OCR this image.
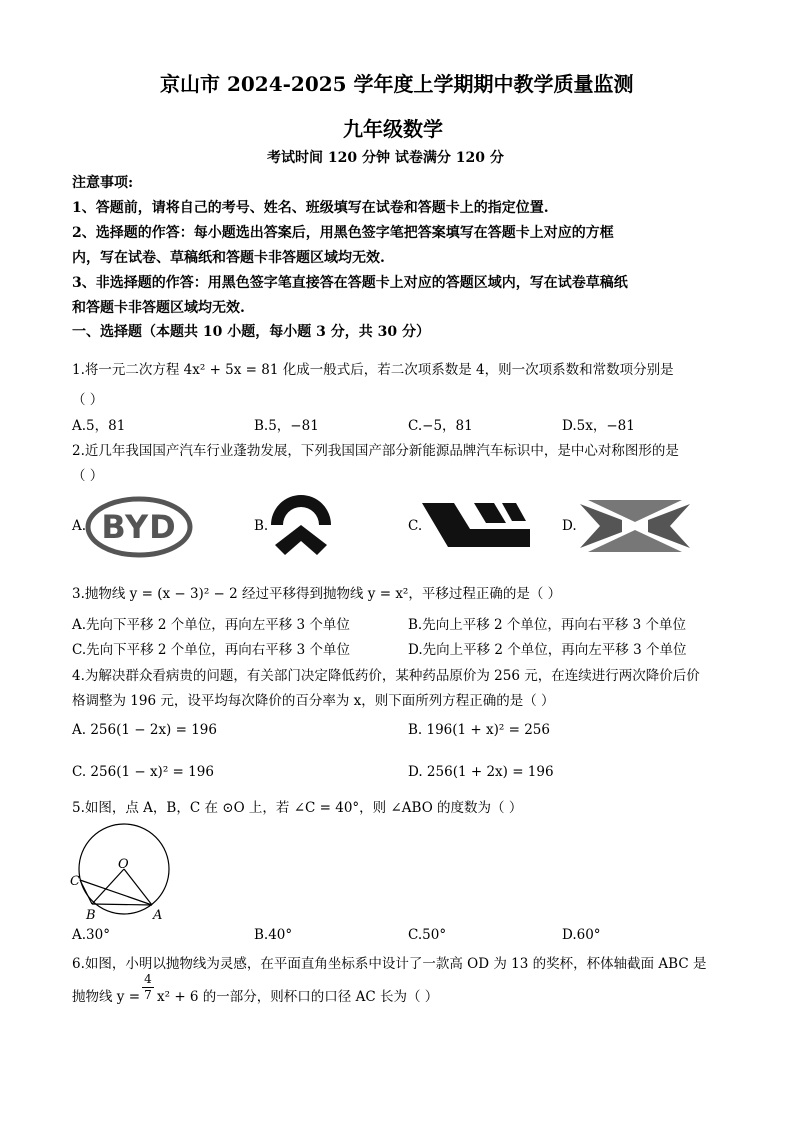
京山市 2024-2025 学年度上学期期中教学质量监测
九年级数学
考试时间 120 分钟 试卷满分 120 分
注意事项:
1、答题前，请将自己的考号、姓名、班级填写在试卷和答题卡上的指定位置.
2、选择题的作答：每小题选出答案后，用黑色签字笔把答案填写在答题卡上对应的方框
内，写在试卷、草稿纸和答题卡非答题区域均无效.
3、非选择题的作答：用黑色签字笔直接答在答题卡上对应的答题区域内，写在试卷草稿纸
和答题卡非答题区域均无效.
一、选择题（本题共 10 小题，每小题 3 分，共 30 分）
1.将一元二次方程 4x² + 5x = 81 化成一般式后，若二次项系数是 4，则一次项系数和常数项分别是
（ ）
A.5，81	B.5，−81	C.−5，81	D.5x，−81
2.近几年我国国产汽车行业蓬勃发展，下列我国国产部分新能源品牌汽车标识中，是中心对称图形的是
（ ）
A. BYD	B.	C.	D.
3.抛物线 y = (x − 3)² − 2 经过平移得到抛物线 y = x²，平移过程正确的是（ ）
A.先向下平移 2 个单位，再向左平移 3 个单位	B.先向上平移 2 个单位，再向右平移 3 个单位
C.先向下平移 2 个单位，再向右平移 3 个单位	D.先向上平移 2 个单位，再向左平移 3 个单位
4.为解决群众看病贵的问题，有关部门决定降低药价，某种药品原价为 256 元，在连续进行两次降价后价
格调整为 196 元，设平均每次降价的百分率为 x，则下面所列方程正确的是（ ）
A. 256(1 − 2x) = 196	B. 196(1 + x)² = 256
C. 256(1 − x)² = 196	D. 256(1 + 2x) = 196
5.如图，点 A，B，C 在 ⊙O 上，若 ∠C = 40°，则 ∠ABO 的度数为（ ）
O
C
B	A
A.30°	B.40°	C.50°	D.60°
6.如图，小明以抛物线为灵感，在平面直角坐标系中设计了一款高 OD 为 13 的奖杯，杯体轴截面 ABC 是
抛物线 $y = \frac{4}{7} x^2 + 6$ 的一部分，则杯口的口径 AC 长为（ ）
